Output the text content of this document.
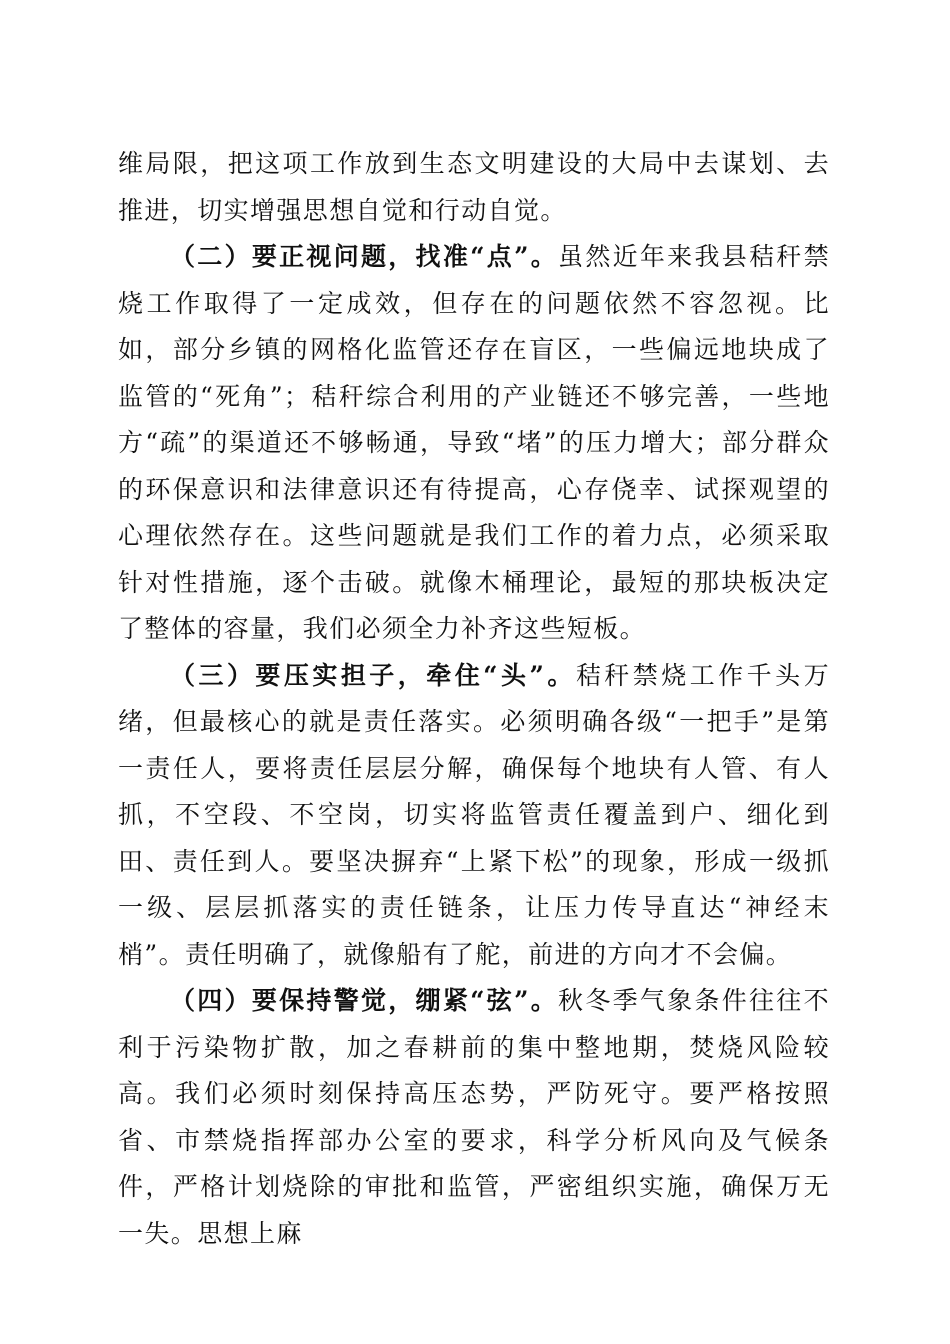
维局限，把这项工作放到生态文明建设的大局中去谋划、去推进，切实增强思想自觉和行动自觉。

（二）要正视问题，找准“点”。虽然近年来我县秸秆禁烧工作取得了一定成效，但存在的问题依然不容忽视。比如，部分乡镇的网格化监管还存在盲区，一些偏远地块成了监管的“死角”；秸秆综合利用的产业链还不够完善，一些地方“疏”的渠道还不够畅通，导致“堵”的压力增大；部分群众的环保意识和法律意识还有待提高，心存侥幸、试探观望的心理依然存在。这些问题就是我们工作的着力点，必须采取针对性措施，逐个击破。就像木桶理论，最短的那块板决定了整体的容量，我们必须全力补齐这些短板。

（三）要压实担子，牵住“头”。秸秆禁烧工作千头万绪，但最核心的就是责任落实。必须明确各级“一把手”是第一责任人，要将责任层层分解，确保每个地块有人管、有人抓，不空段、不空岗，切实将监管责任覆盖到户、细化到田、责任到人。要坚决摒弃“上紧下松”的现象，形成一级抓一级、层层抓落实的责任链条，让压力传导直达“神经末梢”。责任明确了，就像船有了舵，前进的方向才不会偏。

（四）要保持警觉，绷紧“弦”。秋冬季气象条件往往不利于污染物扩散，加之春耕前的集中整地期，焚烧风险较高。我们必须时刻保持高压态势，严防死守。要严格按照省、市禁烧指挥部办公室的要求，科学分析风向及气候条件，严格计划烧除的审批和监管，严密组织实施，确保万无一失。思想上麻
